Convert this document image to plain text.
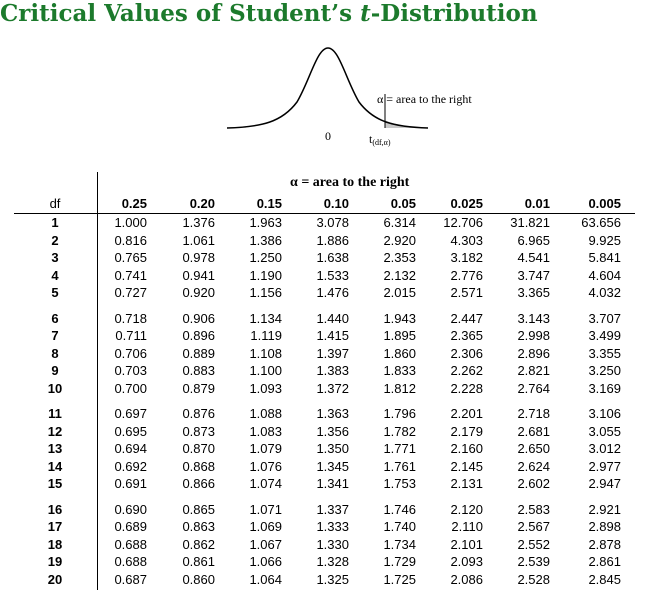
Critical Values of Student’s t-Distribution
α = area to the right
0	t(df,α)
α = area to the right
df	0.25	0.20	0.15	0.10	0.05	0.025	0.01	0.005
1	1.000	1.376	1.963	3.078	6.314	12.706	31.821	63.656
2	0.816	1.061	1.386	1.886	2.920	4.303	6.965	9.925
3	0.765	0.978	1.250	1.638	2.353	3.182	4.541	5.841
4	0.741	0.941	1.190	1.533	2.132	2.776	3.747	4.604
5	0.727	0.920	1.156	1.476	2.015	2.571	3.365	4.032
6	0.718	0.906	1.134	1.440	1.943	2.447	3.143	3.707
7	0.711	0.896	1.119	1.415	1.895	2.365	2.998	3.499
8	0.706	0.889	1.108	1.397	1.860	2.306	2.896	3.355
9	0.703	0.883	1.100	1.383	1.833	2.262	2.821	3.250
10	0.700	0.879	1.093	1.372	1.812	2.228	2.764	3.169
11	0.697	0.876	1.088	1.363	1.796	2.201	2.718	3.106
12	0.695	0.873	1.083	1.356	1.782	2.179	2.681	3.055
13	0.694	0.870	1.079	1.350	1.771	2.160	2.650	3.012
14	0.692	0.868	1.076	1.345	1.761	2.145	2.624	2.977
15	0.691	0.866	1.074	1.341	1.753	2.131	2.602	2.947
16	0.690	0.865	1.071	1.337	1.746	2.120	2.583	2.921
17	0.689	0.863	1.069	1.333	1.740	2.110	2.567	2.898
18	0.688	0.862	1.067	1.330	1.734	2.101	2.552	2.878
19	0.688	0.861	1.066	1.328	1.729	2.093	2.539	2.861
20	0.687	0.860	1.064	1.325	1.725	2.086	2.528	2.845
